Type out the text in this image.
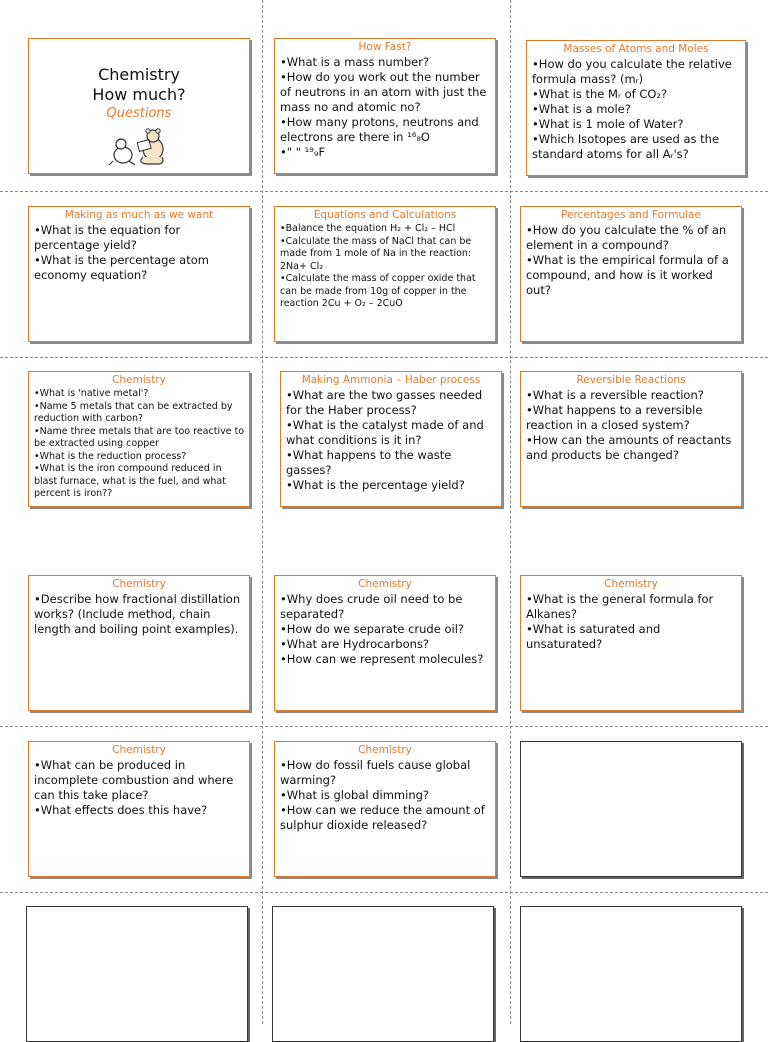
Chemistry
How much?
Questions
How Fast?
• What is a mass number?
• How do you work out the number of neutrons in an atom with just the mass no and atomic no?
• How many protons, neutrons and electrons are there in ¹⁶₈O
• " " ¹⁹₉F
Masses of Atoms and Moles
• How do you calculate the relative formula mass? (mᵣ)
• What is the Mᵣ of CO₂?
• What is a mole?
• What is 1 mole of Water?
• Which Isotopes are used as the standard atoms for all Aᵣ's?
Making as much as we want
• What is the equation for percentage yield?
• What is the percentage atom economy equation?
Equations and Calculations
• Balance the equation H₂ + Cl₂ – HCl
• Calculate the mass of NaCl that can be made from 1 mole of Na in the reaction: 2Na+ Cl₂
• Calculate the mass of copper oxide that can be made from 10g of copper in the reaction 2Cu + O₂ – 2CuO
Percentages and Formulae
• How do you calculate the % of an element in a compound?
• What is the empirical formula of a compound, and how is it worked out?
Chemistry
• What is 'native metal'?
• Name 5 metals that can be extracted by reduction with carbon?
• Name three metals that are too reactive to be extracted using copper
• What is the reduction process?
• What is the iron compound reduced in blast furnace, what is the fuel, and what percent is iron??
Making Ammonia – Haber process
• What are the two gasses needed for the Haber process?
• What is the catalyst made of and what conditions is it in?
• What happens to the waste gasses?
• What is the percentage yield?
Reversible Reactions
• What is a reversible reaction?
• What happens to a reversible reaction in a closed system?
• How can the amounts of reactants and products be changed?
Chemistry
• Describe how fractional distillation works? (Include method, chain length and boiling point examples).
Chemistry
• Why does crude oil need to be separated?
• How do we separate crude oil?
• What are Hydrocarbons?
• How can we represent molecules?
Chemistry
• What is the general formula for Alkanes?
• What is saturated and unsaturated?
Chemistry
• What can be produced in incomplete combustion and where can this take place?
• What effects does this have?
Chemistry
• How do fossil fuels cause global warming?
• What is global dimming?
• How can we reduce the amount of sulphur dioxide released?
